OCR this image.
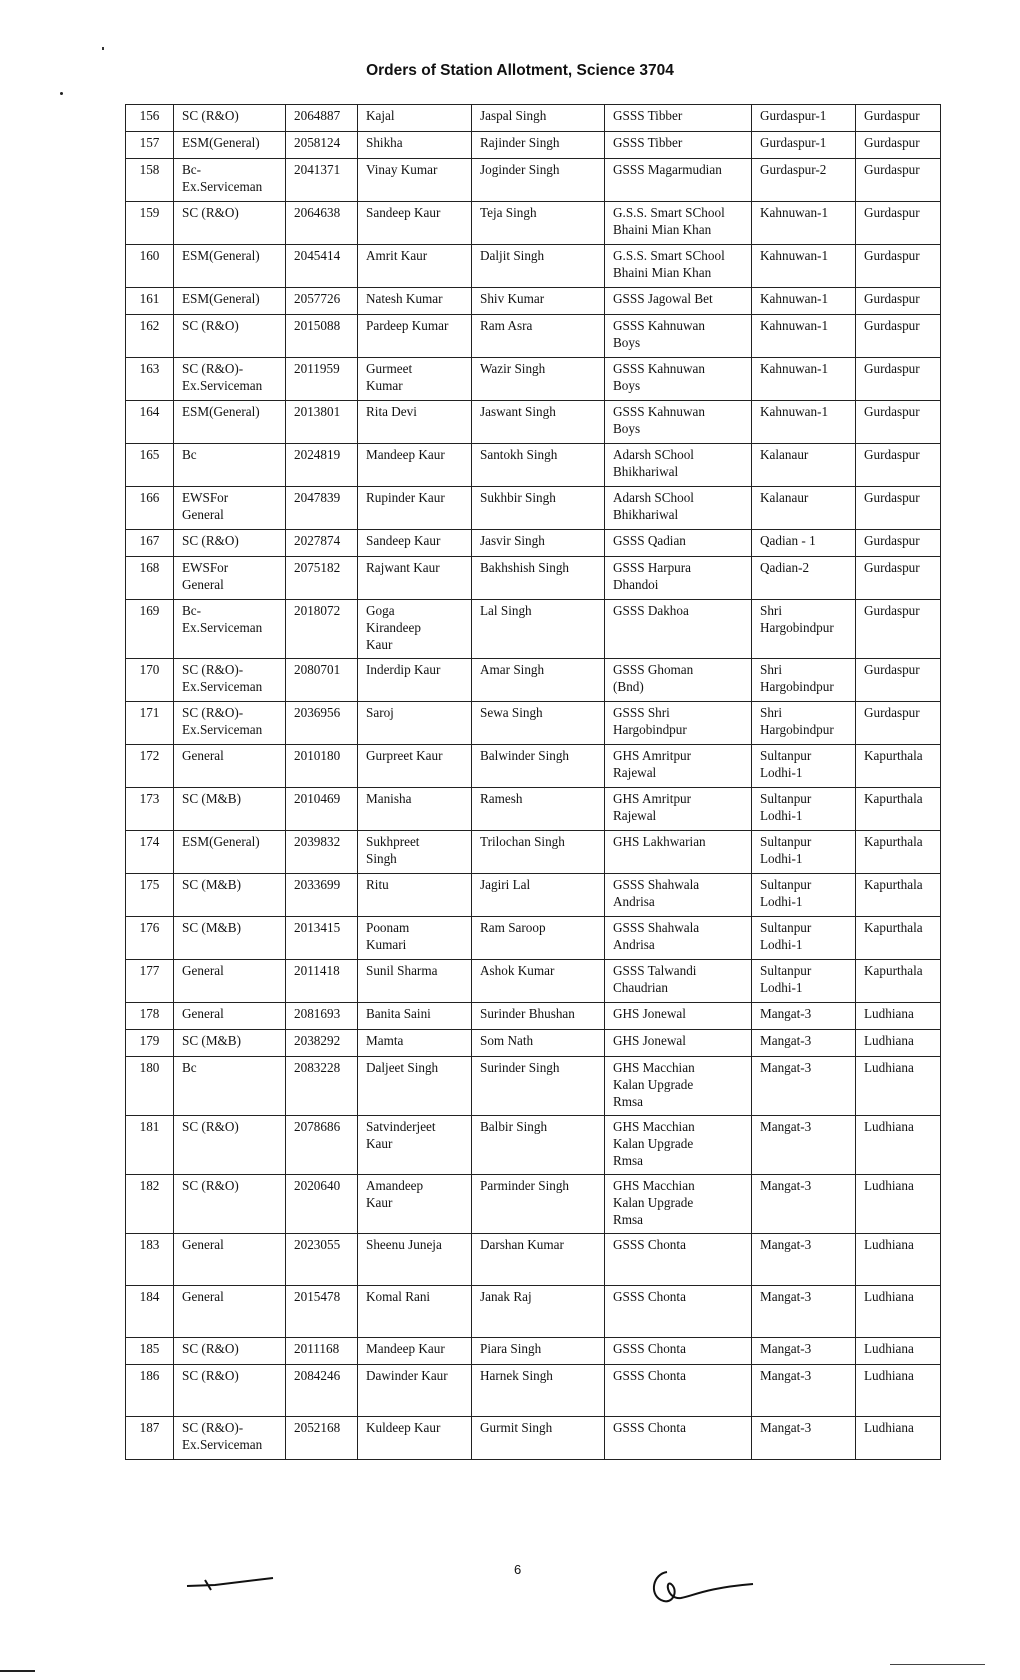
Orders of Station Allotment, Science 3704
156	SC (R&O)	2064887	Kajal	Jaspal Singh	GSSS Tibber	Gurdaspur-1	Gurdaspur
157	ESM(General)	2058124	Shikha	Rajinder Singh	GSSS Tibber	Gurdaspur-1	Gurdaspur
158	Bc-
Ex.Serviceman	2041371	Vinay Kumar	Joginder Singh	GSSS Magarmudian	Gurdaspur-2	Gurdaspur
159	SC (R&O)	2064638	Sandeep Kaur	Teja Singh	G.S.S. Smart SChool
Bhaini Mian Khan	Kahnuwan-1	Gurdaspur
160	ESM(General)	2045414	Amrit Kaur	Daljit Singh	G.S.S. Smart SChool
Bhaini Mian Khan	Kahnuwan-1	Gurdaspur
161	ESM(General)	2057726	Natesh Kumar	Shiv Kumar	GSSS Jagowal Bet	Kahnuwan-1	Gurdaspur
162	SC (R&O)	2015088	Pardeep Kumar	Ram Asra	GSSS Kahnuwan
Boys	Kahnuwan-1	Gurdaspur
163	SC (R&O)-
Ex.Serviceman	2011959	Gurmeet
Kumar	Wazir Singh	GSSS Kahnuwan
Boys	Kahnuwan-1	Gurdaspur
164	ESM(General)	2013801	Rita Devi	Jaswant Singh	GSSS Kahnuwan
Boys	Kahnuwan-1	Gurdaspur
165	Bc	2024819	Mandeep Kaur	Santokh Singh	Adarsh SChool
Bhikhariwal	Kalanaur	Gurdaspur
166	EWSFor
General	2047839	Rupinder Kaur	Sukhbir Singh	Adarsh SChool
Bhikhariwal	Kalanaur	Gurdaspur
167	SC (R&O)	2027874	Sandeep Kaur	Jasvir Singh	GSSS Qadian	Qadian - 1	Gurdaspur
168	EWSFor
General	2075182	Rajwant Kaur	Bakhshish Singh	GSSS Harpura
Dhandoi	Qadian-2	Gurdaspur
169	Bc-
Ex.Serviceman	2018072	Goga
Kirandeep
Kaur	Lal Singh	GSSS Dakhoa	Shri
Hargobindpur	Gurdaspur
170	SC (R&O)-
Ex.Serviceman	2080701	Inderdip Kaur	Amar Singh	GSSS Ghoman
(Bnd)	Shri
Hargobindpur	Gurdaspur
171	SC (R&O)-
Ex.Serviceman	2036956	Saroj	Sewa Singh	GSSS Shri
Hargobindpur	Shri
Hargobindpur	Gurdaspur
172	General	2010180	Gurpreet Kaur	Balwinder Singh	GHS Amritpur
Rajewal	Sultanpur
Lodhi-1	Kapurthala
173	SC (M&B)	2010469	Manisha	Ramesh	GHS Amritpur
Rajewal	Sultanpur
Lodhi-1	Kapurthala
174	ESM(General)	2039832	Sukhpreet
Singh	Trilochan Singh	GHS Lakhwarian	Sultanpur
Lodhi-1	Kapurthala
175	SC (M&B)	2033699	Ritu	Jagiri Lal	GSSS Shahwala
Andrisa	Sultanpur
Lodhi-1	Kapurthala
176	SC (M&B)	2013415	Poonam
Kumari	Ram Saroop	GSSS Shahwala
Andrisa	Sultanpur
Lodhi-1	Kapurthala
177	General	2011418	Sunil Sharma	Ashok Kumar	GSSS Talwandi
Chaudrian	Sultanpur
Lodhi-1	Kapurthala
178	General	2081693	Banita Saini	Surinder Bhushan	GHS Jonewal	Mangat-3	Ludhiana
179	SC (M&B)	2038292	Mamta	Som Nath	GHS Jonewal	Mangat-3	Ludhiana
180	Bc	2083228	Daljeet Singh	Surinder Singh	GHS Macchian
Kalan Upgrade
Rmsa	Mangat-3	Ludhiana
181	SC (R&O)	2078686	Satvinderjeet
Kaur	Balbir Singh	GHS Macchian
Kalan Upgrade
Rmsa	Mangat-3	Ludhiana
182	SC (R&O)	2020640	Amandeep
Kaur	Parminder Singh	GHS Macchian
Kalan Upgrade
Rmsa	Mangat-3	Ludhiana
183	General	2023055	Sheenu Juneja	Darshan Kumar	GSSS Chonta	Mangat-3	Ludhiana
184	General	2015478	Komal Rani	Janak Raj	GSSS Chonta	Mangat-3	Ludhiana
185	SC (R&O)	2011168	Mandeep Kaur	Piara Singh	GSSS Chonta	Mangat-3	Ludhiana
186	SC (R&O)	2084246	Dawinder Kaur	Harnek Singh	GSSS Chonta	Mangat-3	Ludhiana
187	SC (R&O)-
Ex.Serviceman	2052168	Kuldeep Kaur	Gurmit Singh	GSSS Chonta	Mangat-3	Ludhiana
6
